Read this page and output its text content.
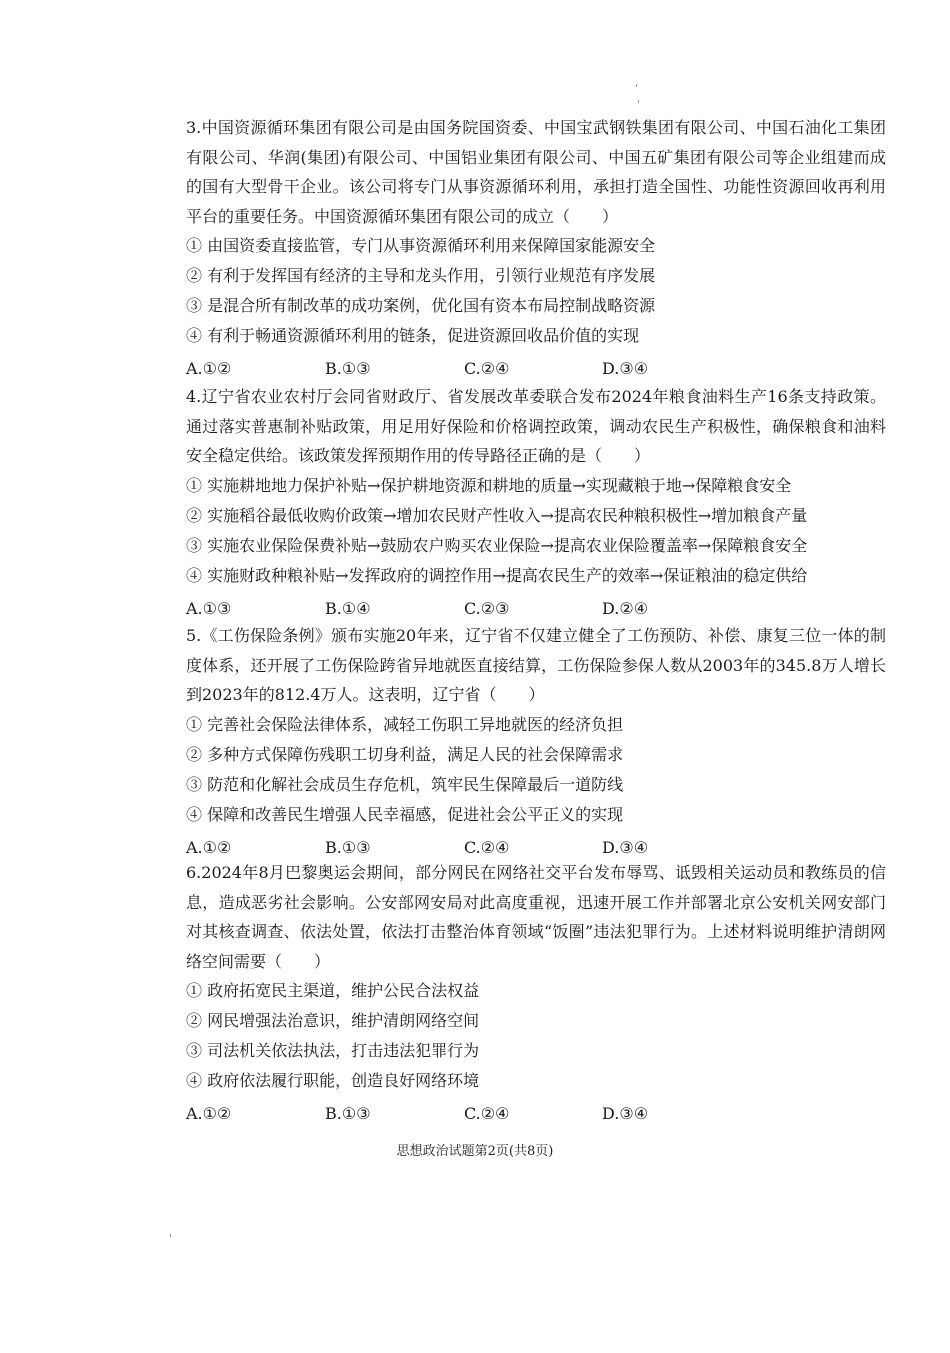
3.中国资源循环集团有限公司是由国务院国资委、中国宝武钢铁集团有限公司、中国石油化工集团有限公司、华润(集团)有限公司、中国铝业集团有限公司、中国五矿集团有限公司等企业组建而成的国有大型骨干企业。该公司将专门从事资源循环利用，承担打造全国性、功能性资源回收再利用平台的重要任务。中国资源循环集团有限公司的成立（　　）

① 由国资委直接监管，专门从事资源循环利用来保障国家能源安全

② 有利于发挥国有经济的主导和龙头作用，引领行业规范有序发展

③ 是混合所有制改革的成功案例，优化国有资本布局控制战略资源

④ 有利于畅通资源循环利用的链条，促进资源回收品价值的实现

A.①②	B.①③	C.②④	D.③④

4.辽宁省农业农村厅会同省财政厅、省发展改革委联合发布2024年粮食油料生产16条支持政策。通过落实普惠制补贴政策，用足用好保险和价格调控政策，调动农民生产积极性，确保粮食和油料安全稳定供给。该政策发挥预期作用的传导路径正确的是（　　）

① 实施耕地地力保护补贴→保护耕地资源和耕地的质量→实现藏粮于地→保障粮食安全

② 实施稻谷最低收购价政策→增加农民财产性收入→提高农民种粮积极性→增加粮食产量

③ 实施农业保险保费补贴→鼓励农户购买农业保险→提高农业保险覆盖率→保障粮食安全

④ 实施财政种粮补贴→发挥政府的调控作用→提高农民生产的效率→保证粮油的稳定供给

A.①③	B.①④	C.②③	D.②④

5.《工伤保险条例》颁布实施20年来，辽宁省不仅建立健全了工伤预防、补偿、康复三位一体的制度体系，还开展了工伤保险跨省异地就医直接结算，工伤保险参保人数从2003年的345.8万人增长到2023年的812.4万人。这表明，辽宁省（　　）

① 完善社会保险法律体系，减轻工伤职工异地就医的经济负担

② 多种方式保障伤残职工切身利益，满足人民的社会保障需求

③ 防范和化解社会成员生存危机，筑牢民生保障最后一道防线

④ 保障和改善民生增强人民幸福感，促进社会公平正义的实现

A.①②	B.①③	C.②④	D.③④

6.2024年8月巴黎奥运会期间，部分网民在网络社交平台发布辱骂、诋毁相关运动员和教练员的信息，造成恶劣社会影响。公安部网安局对此高度重视，迅速开展工作并部署北京公安机关网安部门对其核查调查、依法处置，依法打击整治体育领域“饭圈”违法犯罪行为。上述材料说明维护清朗网络空间需要（　　）

① 政府拓宽民主渠道，维护公民合法权益

② 网民增强法治意识，维护清朗网络空间

③ 司法机关依法执法，打击违法犯罪行为

④ 政府依法履行职能，创造良好网络环境

A.①②	B.①③	C.②④	D.③④
思想政治试题第2页(共8页)
